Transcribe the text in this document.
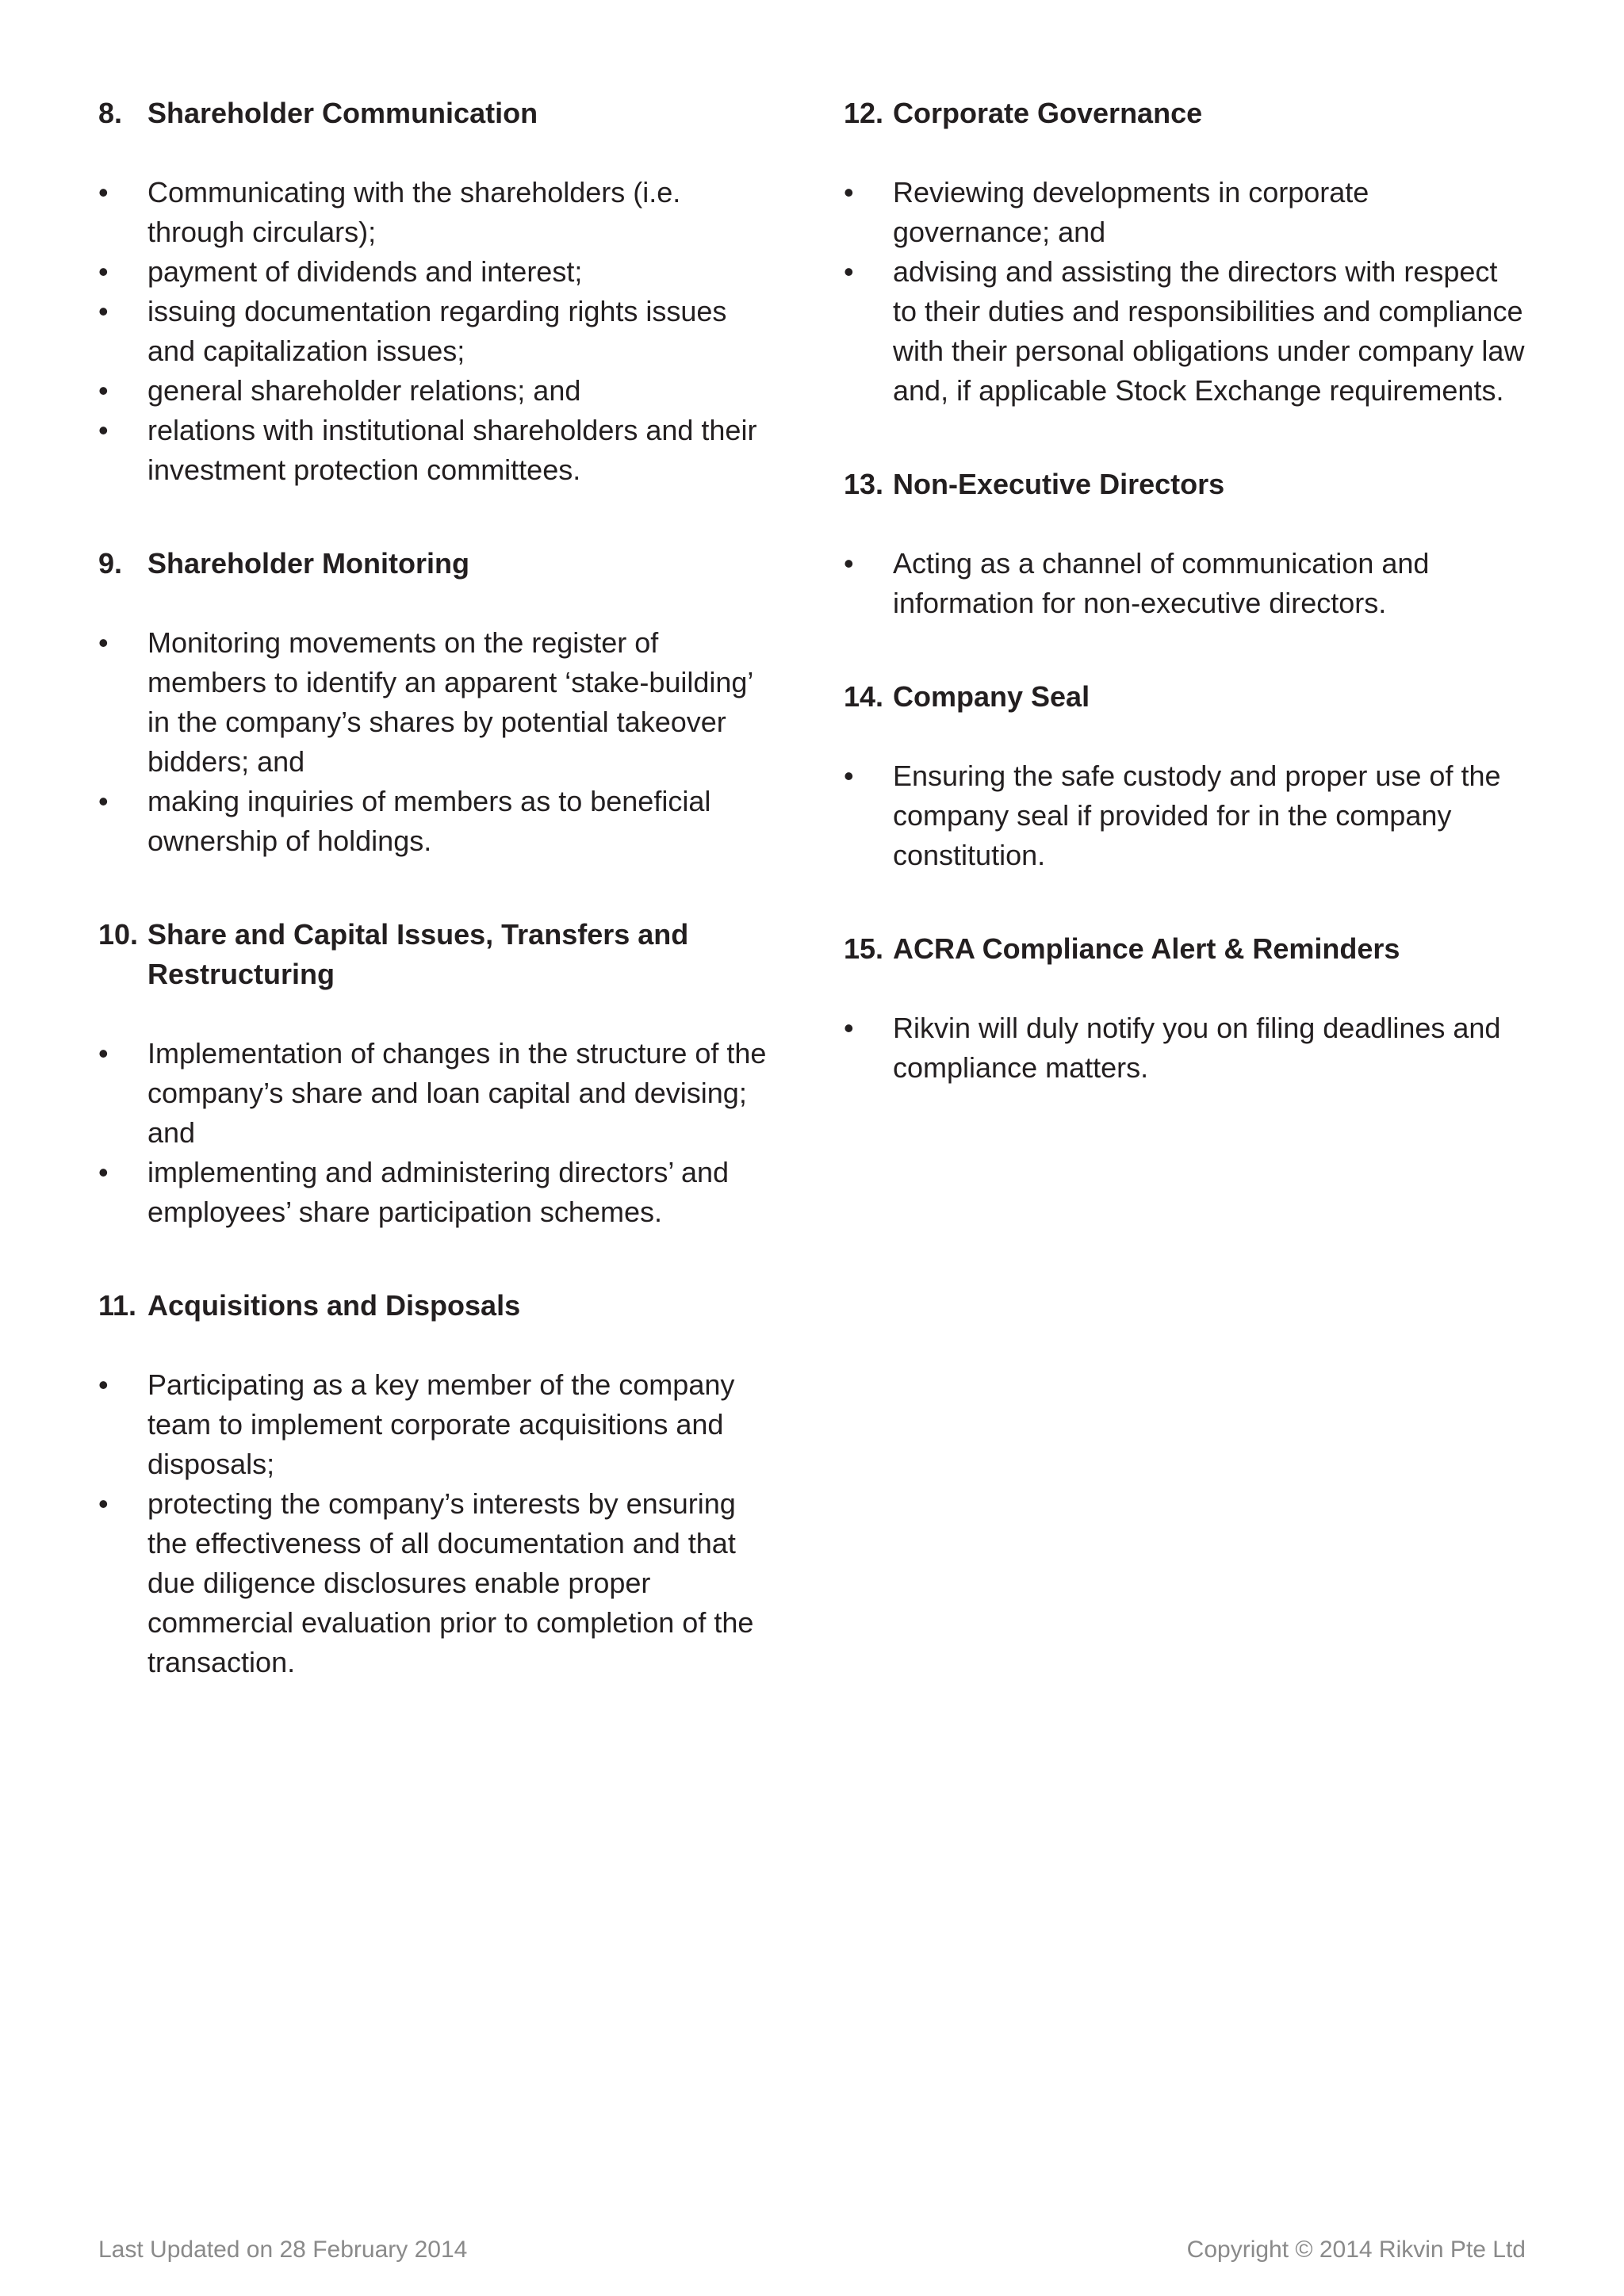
8. Shareholder Communication
•	Communicating with the shareholders (i.e. through circulars);
•	payment of dividends and interest;
•	issuing documentation regarding rights issues and capitalization issues;
•	general shareholder relations; and
•	relations with institutional shareholders and their investment protection committees.
9. Shareholder Monitoring
•	Monitoring movements on the register of members to identify an apparent ‘stake-building’ in the company’s shares by potential takeover bidders; and
•	making inquiries of members as to beneficial ownership of holdings.
10. Share and Capital Issues, Transfers and Restructuring
•	Implementation of changes in the structure of the company’s share and loan capital and devising; and
•	implementing and administering directors’ and employees’ share participation schemes.
11. Acquisitions and Disposals
•	Participating as a key member of the company team to implement corporate acquisitions and disposals;
•	protecting the company’s interests by ensuring the effectiveness of all documentation and that due diligence disclosures enable proper commercial evaluation prior to completion of the transaction.
12. Corporate Governance
•	Reviewing developments in corporate governance; and
•	advising and assisting the directors with respect to their duties and responsibilities and compliance with their personal obligations under company law and, if applicable Stock Exchange requirements.
13. Non-Executive Directors
•	Acting as a channel of communication and information for non-executive directors.
14. Company Seal
•	Ensuring the safe custody and proper use of the company seal if provided for in the company constitution.
15. ACRA Compliance Alert & Reminders
•	Rikvin will duly notify you on filing deadlines and compliance matters.
Last Updated on 28 February 2014	Copyright © 2014 Rikvin Pte Ltd
